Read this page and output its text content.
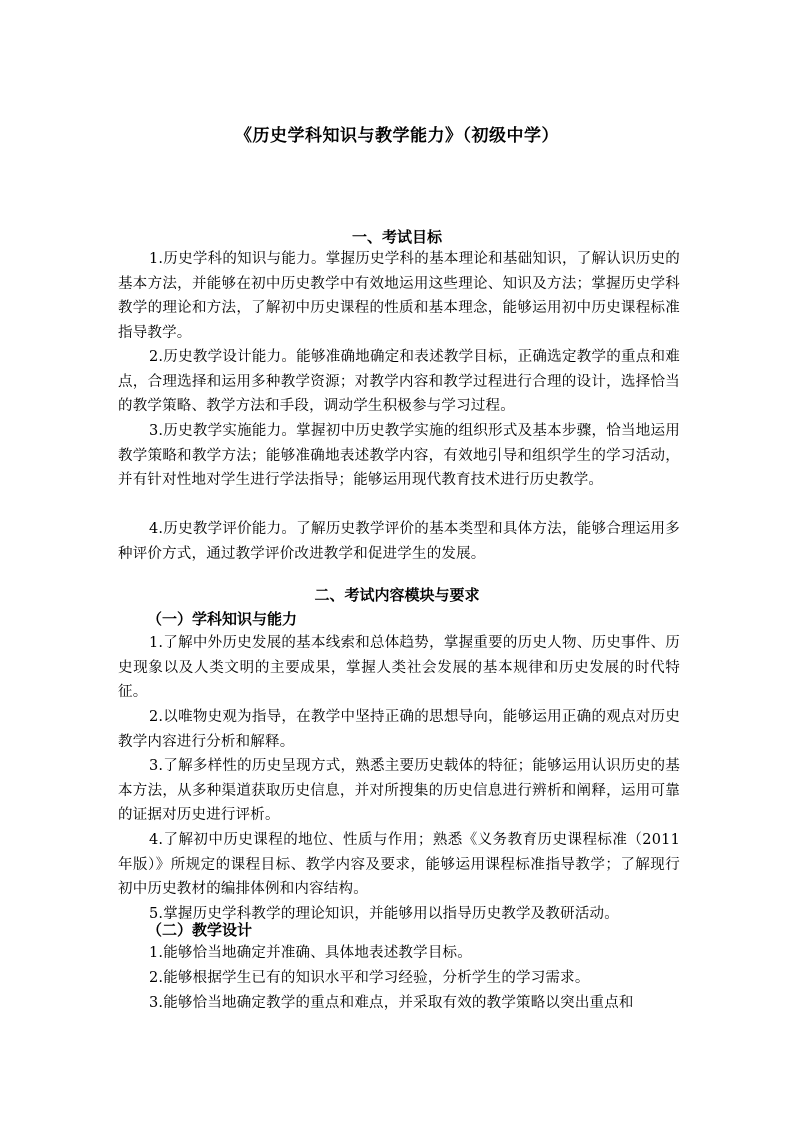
《历史学科知识与教学能力》（初级中学）
一、考试目标
1.历史学科的知识与能力。掌握历史学科的基本理论和基础知识，了解认识历史的基本方法，并能够在初中历史教学中有效地运用这些理论、知识及方法；掌握历史学科教学的理论和方法，了解初中历史课程的性质和基本理念，能够运用初中历史课程标准指导教学。
2.历史教学设计能力。能够准确地确定和表述教学目标，正确选定教学的重点和难点，合理选择和运用多种教学资源；对教学内容和教学过程进行合理的设计，选择恰当的教学策略、教学方法和手段，调动学生积极参与学习过程。
3.历史教学实施能力。掌握初中历史教学实施的组织形式及基本步骤，恰当地运用教学策略和教学方法；能够准确地表述教学内容，有效地引导和组织学生的学习活动，并有针对性地对学生进行学法指导；能够运用现代教育技术进行历史教学。
4.历史教学评价能力。了解历史教学评价的基本类型和具体方法，能够合理运用多种评价方式，通过教学评价改进教学和促进学生的发展。
二、考试内容模块与要求
（一）学科知识与能力
1.了解中外历史发展的基本线索和总体趋势，掌握重要的历史人物、历史事件、历史现象以及人类文明的主要成果，掌握人类社会发展的基本规律和历史发展的时代特征。
2.以唯物史观为指导，在教学中坚持正确的思想导向，能够运用正确的观点对历史教学内容进行分析和解释。
3.了解多样性的历史呈现方式，熟悉主要历史载体的特征；能够运用认识历史的基本方法，从多种渠道获取历史信息，并对所搜集的历史信息进行辨析和阐释，运用可靠的证据对历史进行评析。
4.了解初中历史课程的地位、性质与作用；熟悉《义务教育历史课程标准（2011年版）》所规定的课程目标、教学内容及要求，能够运用课程标准指导教学；了解现行初中历史教材的编排体例和内容结构。
5.掌握历史学科教学的理论知识，并能够用以指导历史教学及教研活动。
（二）教学设计
1.能够恰当地确定并准确、具体地表述教学目标。
2.能够根据学生已有的知识水平和学习经验，分析学生的学习需求。
3.能够恰当地确定教学的重点和难点，并采取有效的教学策略以突出重点和
